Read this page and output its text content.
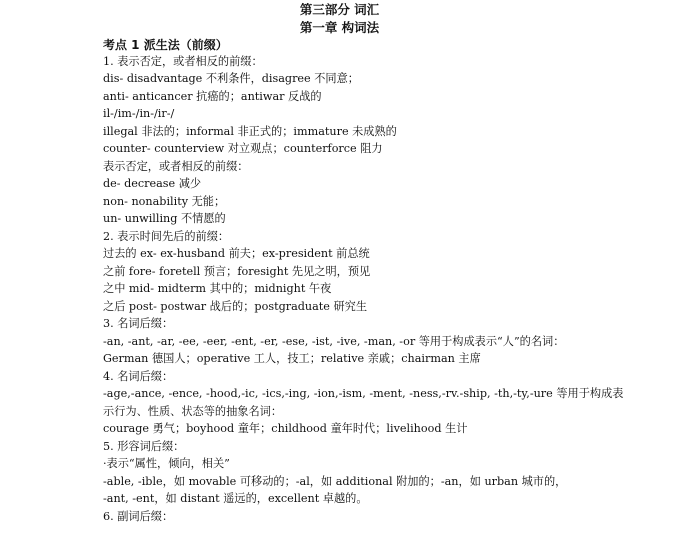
第三部分 词汇
第一章 构词法
考点 1 派生法（前缀）
1. 表示否定，或者相反的前缀：
dis- disadvantage 不利条件，disagree 不同意；
anti- anticancer 抗癌的；antiwar 反战的
il-/im-/in-/ir-/
illegal 非法的；informal 非正式的；immature 未成熟的
counter- counterview 对立观点；counterforce 阻力
表示否定，或者相反的前缀：
de- decrease 减少
non- nonability 无能；
un- unwilling 不情愿的
2. 表示时间先后的前缀：
过去的 ex- ex-husband 前夫；ex-president 前总统
之前 fore- foretell 预言；foresight 先见之明，预见
之中 mid- midterm 其中的；midnight 午夜
之后 post- postwar 战后的；postgraduate 研究生
3. 名词后缀：
-an, -ant, -ar, -ee, -eer, -ent, -er, -ese, -ist, -ive, -man, -or 等用于构成表示“人”的名词：
German 德国人；operative 工人，技工；relative 亲戚；chairman 主席
4. 名词后缀：
-age,-ance, -ence, -hood,-ic, -ics,-ing, -ion,-ism, -ment, -ness,-rv.-ship, -th,-ty,-ure 等用于构成表
示行为、性质、状态等的抽象名词：
courage 勇气；boyhood 童年；childhood 童年时代；livelihood 生计
5. 形容词后缀：
·表示“属性，倾向，相关”
-able, -ible，如 movable 可移动的；-al，如 additional 附加的；-an，如 urban 城市的，
-ant, -ent，如 distant 遥远的，excellent 卓越的。
6. 副词后缀：
